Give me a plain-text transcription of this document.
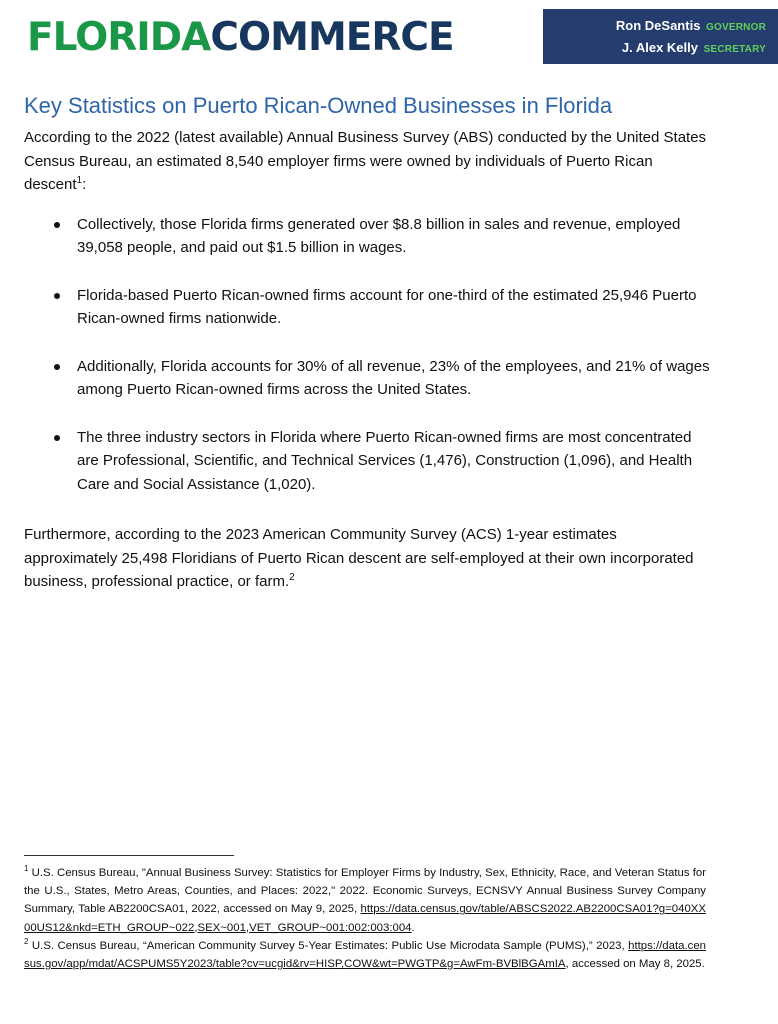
FLORIDACOMMERCE	Ron DeSantis GOVERNOR
J. Alex Kelly SECRETARY
Key Statistics on Puerto Rican-Owned Businesses in Florida

According to the 2022 (latest available) Annual Business Survey (ABS) conducted by the United States Census Bureau, an estimated 8,540 employer firms were owned by individuals of Puerto Rican descent$^1$:

Collectively, those Florida firms generated over $8.8 billion in sales and revenue, employed 39,058 people, and paid out $1.5 billion in wages.
Florida-based Puerto Rican-owned firms account for one-third of the estimated 25,946 Puerto Rican-owned firms nationwide.
Additionally, Florida accounts for 30% of all revenue, 23% of the employees, and 21% of wages among Puerto Rican-owned firms across the United States.
The three industry sectors in Florida where Puerto Rican-owned firms are most concentrated are Professional, Scientific, and Technical Services (1,476), Construction (1,096), and Health Care and Social Assistance (1,020).

Furthermore, according to the 2023 American Community Survey (ACS) 1-year estimates approximately 25,498 Floridians of Puerto Rican descent are self-employed at their own incorporated business, professional practice, or farm.$^2$

$^1$ U.S. Census Bureau, "Annual Business Survey: Statistics for Employer Firms by Industry, Sex, Ethnicity, Race, and Veteran Status for the U.S., States, Metro Areas, Counties, and Places: 2022," 2022. Economic Surveys, ECNSVY Annual Business Survey Company Summary, Table AB2200CSA01, 2022, accessed on May 9, 2025, https://data.census.gov/table/ABSCS2022.AB2200CSA01?g=040XX00US12&nkd=ETH_GROUP~022,SEX~001,VET_GROUP~001:002:003:004.
$^2$ U.S. Census Bureau, “American Community Survey 5-Year Estimates: Public Use Microdata Sample (PUMS),” 2023, https://data.census.gov/app/mdat/ACSPUMS5Y2023/table?cv=ucgid&rv=HISP,COW&wt=PWGTP&g=AwFm-BVBlBGAmIA, accessed on May 8, 2025.
